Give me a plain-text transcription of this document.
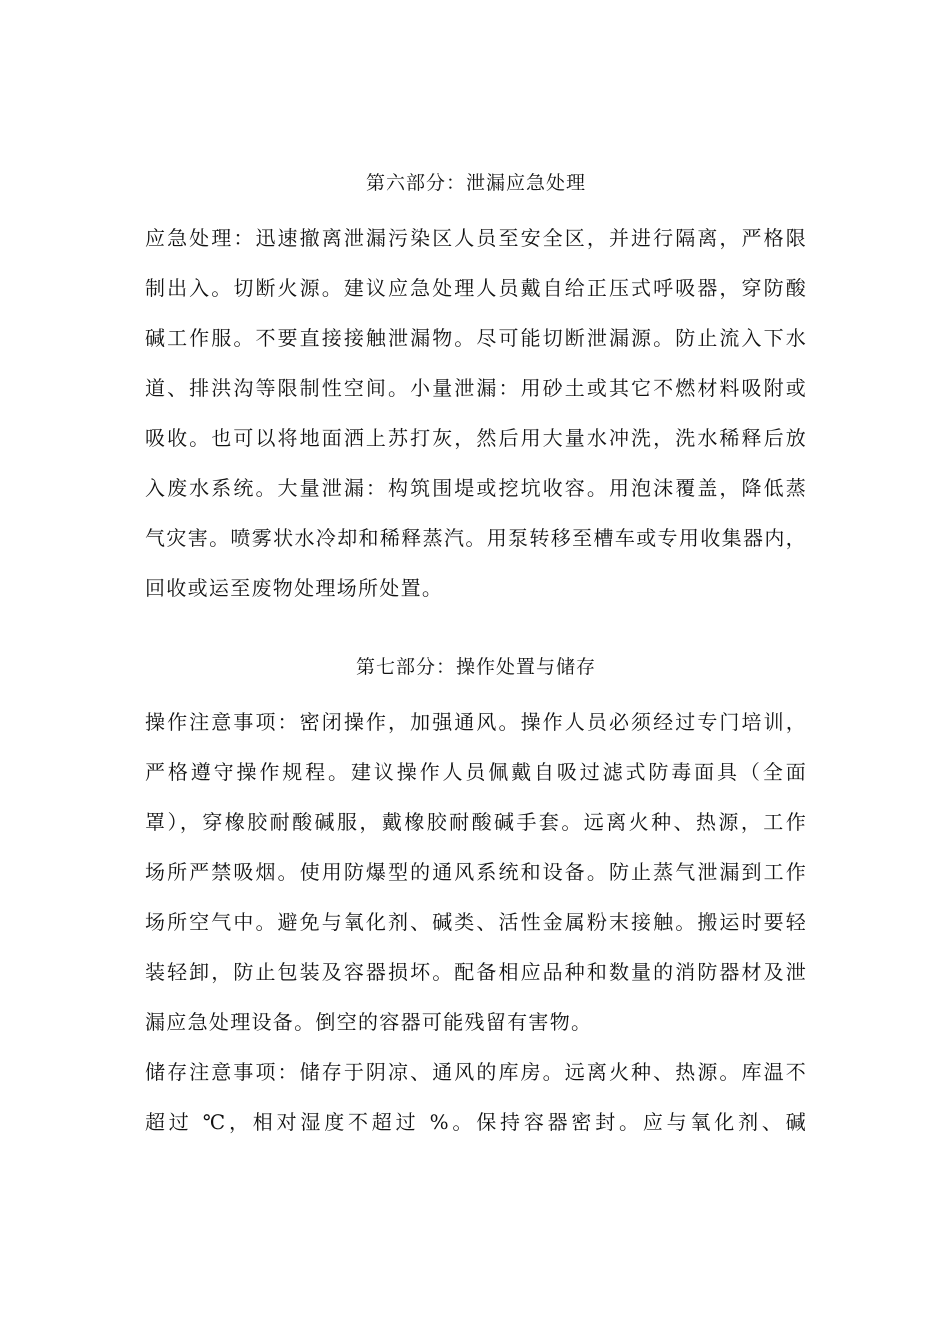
第六部分：泄漏应急处理

应急处理：迅速撤离泄漏污染区人员至安全区，并进行隔离，严格限

制出入。切断火源。建议应急处理人员戴自给正压式呼吸器，穿防酸

碱工作服。不要直接接触泄漏物。尽可能切断泄漏源。防止流入下水

道、排洪沟等限制性空间。小量泄漏：用砂土或其它不燃材料吸附或

吸收。也可以将地面洒上苏打灰，然后用大量水冲洗，洗水稀释后放

入废水系统。大量泄漏：构筑围堤或挖坑收容。用泡沫覆盖，降低蒸

气灾害。喷雾状水冷却和稀释蒸汽。用泵转移至槽车或专用收集器内，

回收或运至废物处理场所处置。

第七部分：操作处置与储存

操作注意事项：密闭操作，加强通风。操作人员必须经过专门培训，

严格遵守操作规程。建议操作人员佩戴自吸过滤式防毒面具（全面

罩），穿橡胶耐酸碱服，戴橡胶耐酸碱手套。远离火种、热源，工作

场所严禁吸烟。使用防爆型的通风系统和设备。防止蒸气泄漏到工作

场所空气中。避免与氧化剂、碱类、活性金属粉末接触。搬运时要轻

装轻卸，防止包装及容器损坏。配备相应品种和数量的消防器材及泄

漏应急处理设备。倒空的容器可能残留有害物。

储存注意事项：储存于阴凉、通风的库房。远离火种、热源。库温不

超过 ℃，相对湿度不超过 %。保持容器密封。应与氧化剂、碱
